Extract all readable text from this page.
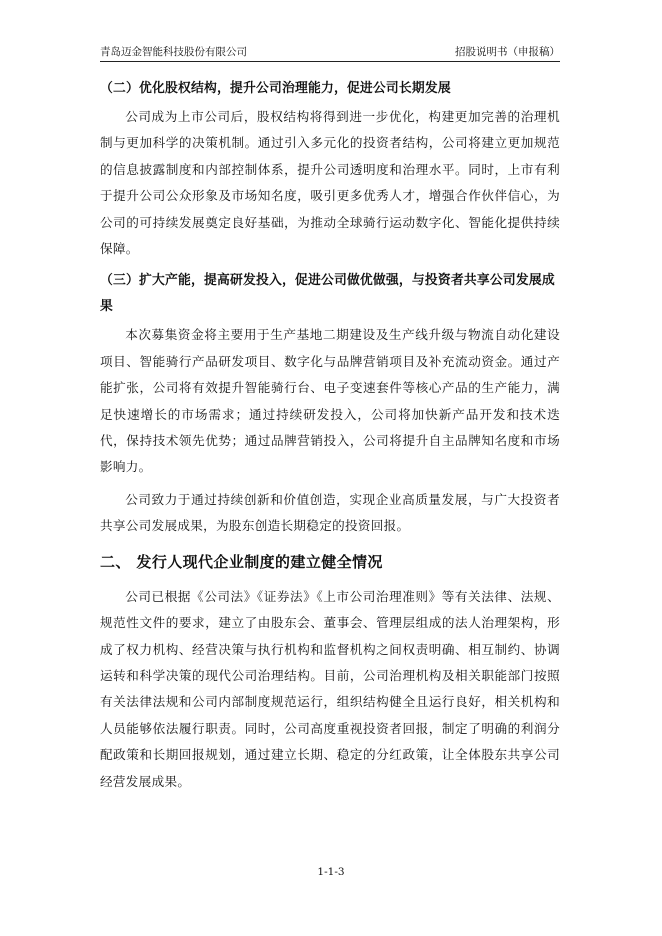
青岛迈金智能科技股份有限公司	招股说明书（申报稿）
（二）优化股权结构，提升公司治理能力，促进公司长期发展

公司成为上市公司后，股权结构将得到进一步优化，构建更加完善的治理机制与更加科学的决策机制。通过引入多元化的投资者结构，公司将建立更加规范的信息披露制度和内部控制体系，提升公司透明度和治理水平。同时，上市有利于提升公司公众形象及市场知名度，吸引更多优秀人才，增强合作伙伴信心，为公司的可持续发展奠定良好基础，为推动全球骑行运动数字化、智能化提供持续保障。

（三）扩大产能，提高研发投入，促进公司做优做强，与投资者共享公司发展成果

本次募集资金将主要用于生产基地二期建设及生产线升级与物流自动化建设项目、智能骑行产品研发项目、数字化与品牌营销项目及补充流动资金。通过产能扩张，公司将有效提升智能骑行台、电子变速套件等核心产品的生产能力，满足快速增长的市场需求；通过持续研发投入，公司将加快新产品开发和技术迭代，保持技术领先优势；通过品牌营销投入，公司将提升自主品牌知名度和市场影响力。

公司致力于通过持续创新和价值创造，实现企业高质量发展，与广大投资者共享公司发展成果，为股东创造长期稳定的投资回报。

二、 发行人现代企业制度的建立健全情况

公司已根据《公司法》《证券法》《上市公司治理准则》等有关法律、法规、规范性文件的要求，建立了由股东会、董事会、管理层组成的法人治理架构，形成了权力机构、经营决策与执行机构和监督机构之间权责明确、相互制约、协调运转和科学决策的现代公司治理结构。目前，公司治理机构及相关职能部门按照有关法律法规和公司内部制度规范运行，组织结构健全且运行良好，相关机构和人员能够依法履行职责。同时，公司高度重视投资者回报，制定了明确的利润分配政策和长期回报规划，通过建立长期、稳定的分红政策，让全体股东共享公司经营发展成果。

1-1-3
